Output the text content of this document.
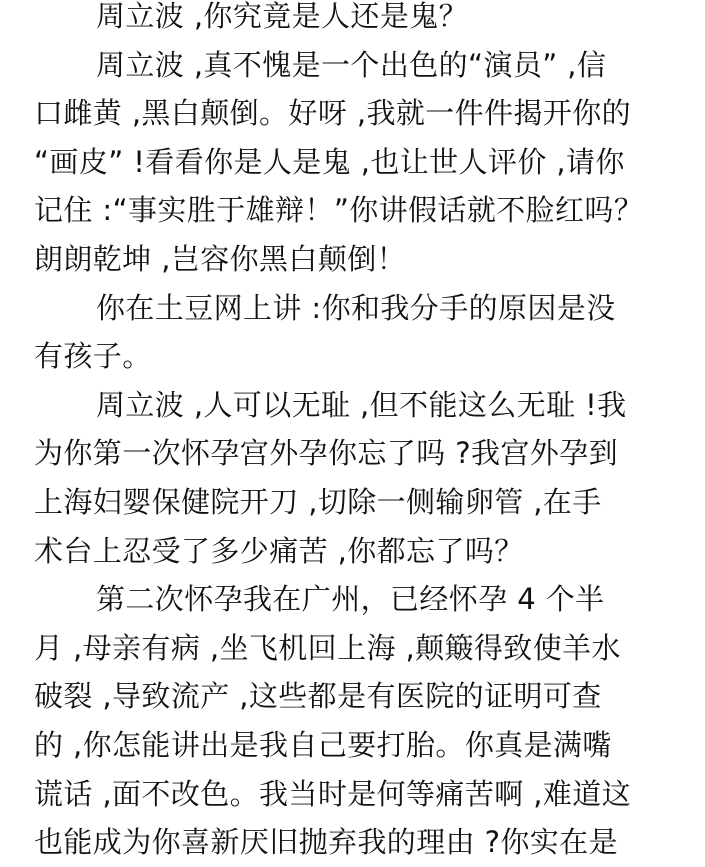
周立波 ,你究竟是人还是鬼？
周立波 ,真不愧是一个出色的“演员” ,信
口雌黄 ,黑白颠倒。好呀 ,我就一件件揭开你的
“画皮” !看看你是人是鬼 ,也让世人评价 ,请你
记住 :“事实胜于雄辩！”你讲假话就不脸红吗？
朗朗乾坤 ,岂容你黑白颠倒！
你在土豆网上讲 :你和我分手的原因是没
有孩子。
周立波 ,人可以无耻 ,但不能这么无耻 !我
为你第一次怀孕宫外孕你忘了吗 ?我宫外孕到
上海妇婴保健院开刀 ,切除一侧输卵管 ,在手
术台上忍受了多少痛苦 ,你都忘了吗？
第二次怀孕我在广州，已经怀孕 4 个半
月 ,母亲有病 ,坐飞机回上海 ,颠簸得致使羊水
破裂 ,导致流产 ,这些都是有医院的证明可查
的 ,你怎能讲出是我自己要打胎。你真是满嘴
谎话 ,面不改色。我当时是何等痛苦啊 ,难道这
也能成为你喜新厌旧抛弃我的理由 ?你实在是
